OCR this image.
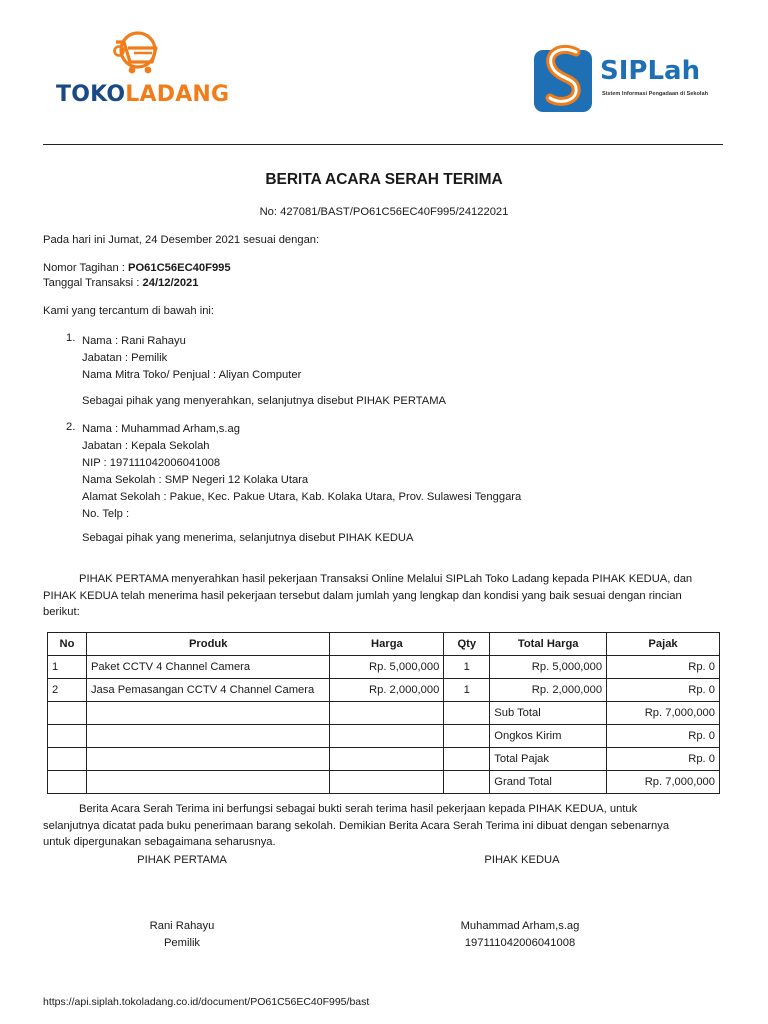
TOKOLADANG
SIPLah
Sistem Informasi Pengadaan di Sekolah
BERITA ACARA SERAH TERIMA
No: 427081/BAST/PO61C56EC40F995/24122021
Pada hari ini Jumat, 24 Desember 2021 sesuai dengan:
Nomor Tagihan : PO61C56EC40F995
Tanggal Transaksi : 24/12/2021
Kami yang tercantum di bawah ini:
1. Nama : Rani Rahayu
Jabatan : Pemilik
Nama Mitra Toko/ Penjual : Aliyan Computer
Sebagai pihak yang menyerahkan, selanjutnya disebut PIHAK PERTAMA
2. Nama : Muhammad Arham,s.ag
Jabatan : Kepala Sekolah
NIP : 197111042006041008
Nama Sekolah : SMP Negeri 12 Kolaka Utara
Alamat Sekolah : Pakue, Kec. Pakue Utara, Kab. Kolaka Utara, Prov. Sulawesi Tenggara
No. Telp :
Sebagai pihak yang menerima, selanjutnya disebut PIHAK KEDUA
PIHAK PERTAMA menyerahkan hasil pekerjaan Transaksi Online Melalui SIPLah Toko Ladang kepada PIHAK KEDUA, dan
PIHAK KEDUA telah menerima hasil pekerjaan tersebut dalam jumlah yang lengkap dan kondisi yang baik sesuai dengan rincian
berikut:
No	Produk	Harga	Qty	Total Harga	Pajak
1	Paket CCTV 4 Channel Camera	Rp. 5,000,000	1	Rp. 5,000,000	Rp. 0
2	Jasa Pemasangan CCTV 4 Channel Camera	Rp. 2,000,000	1	Rp. 2,000,000	Rp. 0
				Sub Total	Rp. 7,000,000
				Ongkos Kirim	Rp. 0
				Total Pajak	Rp. 0
				Grand Total	Rp. 7,000,000
Berita Acara Serah Terima ini berfungsi sebagai bukti serah terima hasil pekerjaan kepada PIHAK KEDUA, untuk
selanjutnya dicatat pada buku penerimaan barang sekolah. Demikian Berita Acara Serah Terima ini dibuat dengan sebenarnya
untuk dipergunakan sebagaimana seharusnya.
PIHAK PERTAMA	PIHAK KEDUA
Rani Rahayu
Pemilik
Muhammad Arham,s.ag
197111042006041008
https://api.siplah.tokoladang.co.id/document/PO61C56EC40F995/bast
